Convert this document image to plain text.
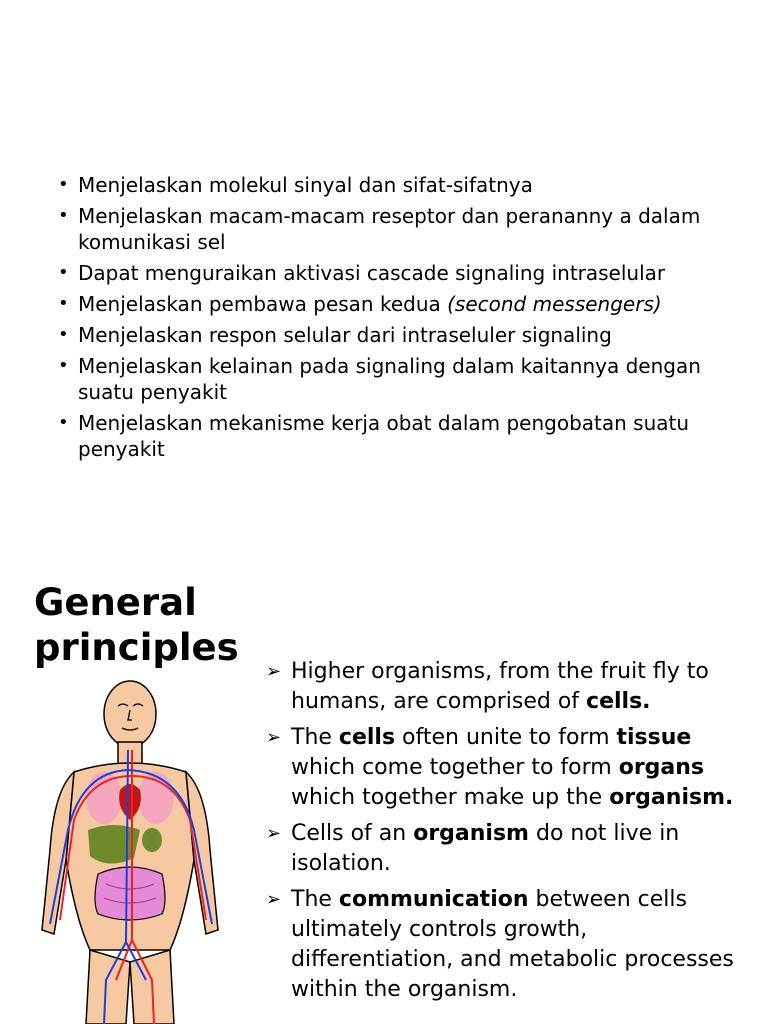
CELL SIGNALING

SIGNALING MECHANISM, SIGNAL MOLECULES, RECEPTORS, SIGNAL TRANSDUCTION, 2ND MESSANGER, INTEGRATION SIGNAL, DEFECT OF SIGNALING PATHWAY

LEARNING OBJECTIVE

• Menjelaskan molekul sinyal dan sifat-sifatnya
• Menjelaskan macam-macam reseptor dan perananny a dalam komunikasi sel
• Dapat menguraikan aktivasi cascade signaling intraselular
• Menjelaskan pembawa pesan kedua (second messengers)
• Menjelaskan respon selular dari intraseluler signaling
• Menjelaskan kelainan pada signaling dalam kaitannya dengan suatu penyakit
• Menjelaskan mekanisme kerja obat dalam pengobatan suatu penyakit
General
principles
➢ Higher organisms, from the fruit fly to humans, are comprised of cells.
➢ The cells often unite to form tissue which come together to form organs which together make up the organism.
➢ Cells of an organism do not live in isolation.
➢ The communication between cells ultimately controls growth, differentiation, and metabolic processes within the organism.
